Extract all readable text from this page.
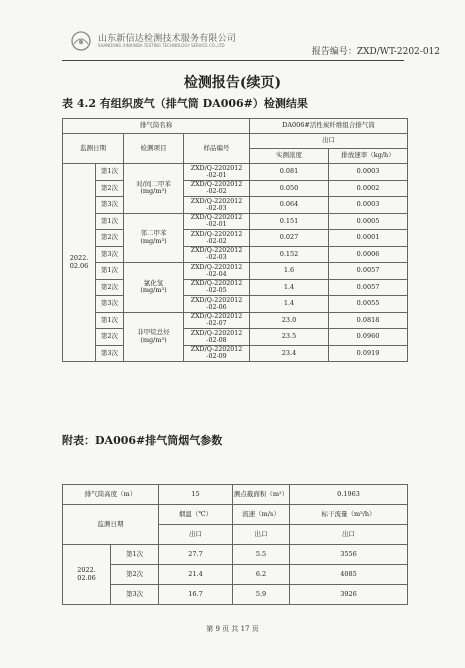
山东新信达检测技术服务有限公司
SHANDONG XINXINDA TESTING TECHNOLOGY SERVICE CO.,LTD
报告编号：ZXD/WT-2202-012
检测报告(续页)
表 4.2 有组织废气（排气筒 DA006#）检测结果
排气筒名称				DA006#活性炭纤维组合排气筒	
监测日期		检测项目	样品编号	出口	
				实测浓度	排放速率（kg/h）
2022.
02.06	第1次	对/间二甲苯
(mg/m³)	ZXD/Q-2202012
-02-01	0.081	0.0003
	第2次		ZXD/Q-2202012
-02-02	0.050	0.0002
	第3次		ZXD/Q-2202012
-02-03	0.064	0.0003
	第1次	邻二甲苯
(mg/m³)	ZXD/Q-2202012
-02-01	0.151	0.0005
	第2次		ZXD/Q-2202012
-02-02	0.027	0.0001
	第3次		ZXD/Q-2202012
-02-03	0.152	0.0006
	第1次	氯化氢
(mg/m³)	ZXD/Q-2202012
-02-04	1.6	0.0057
	第2次		ZXD/Q-2202012
-02-05	1.4	0.0057
	第3次		ZXD/Q-2202012
-02-06	1.4	0.0055
	第1次	非甲烷总烃
(mg/m³)	ZXD/Q-2202012
-02-07	23.0	0.0818
	第2次		ZXD/Q-2202012
-02-08	23.5	0.0960
	第3次		ZXD/Q-2202012
-02-09	23.4	0.0919
附表：DA006#排气筒烟气参数
排气筒高度（m）		15	测点截面积（m²）	0.1963
监测日期		烟温（℃）	流速（m/s）	标干流量（m³/h）
		出口	出口	出口
2022.
02.06	第1次	27.7	5.5	3556
	第2次	21.4	6.2	4085
	第3次	16.7	5.9	3926
第 9 页 共 17 页
